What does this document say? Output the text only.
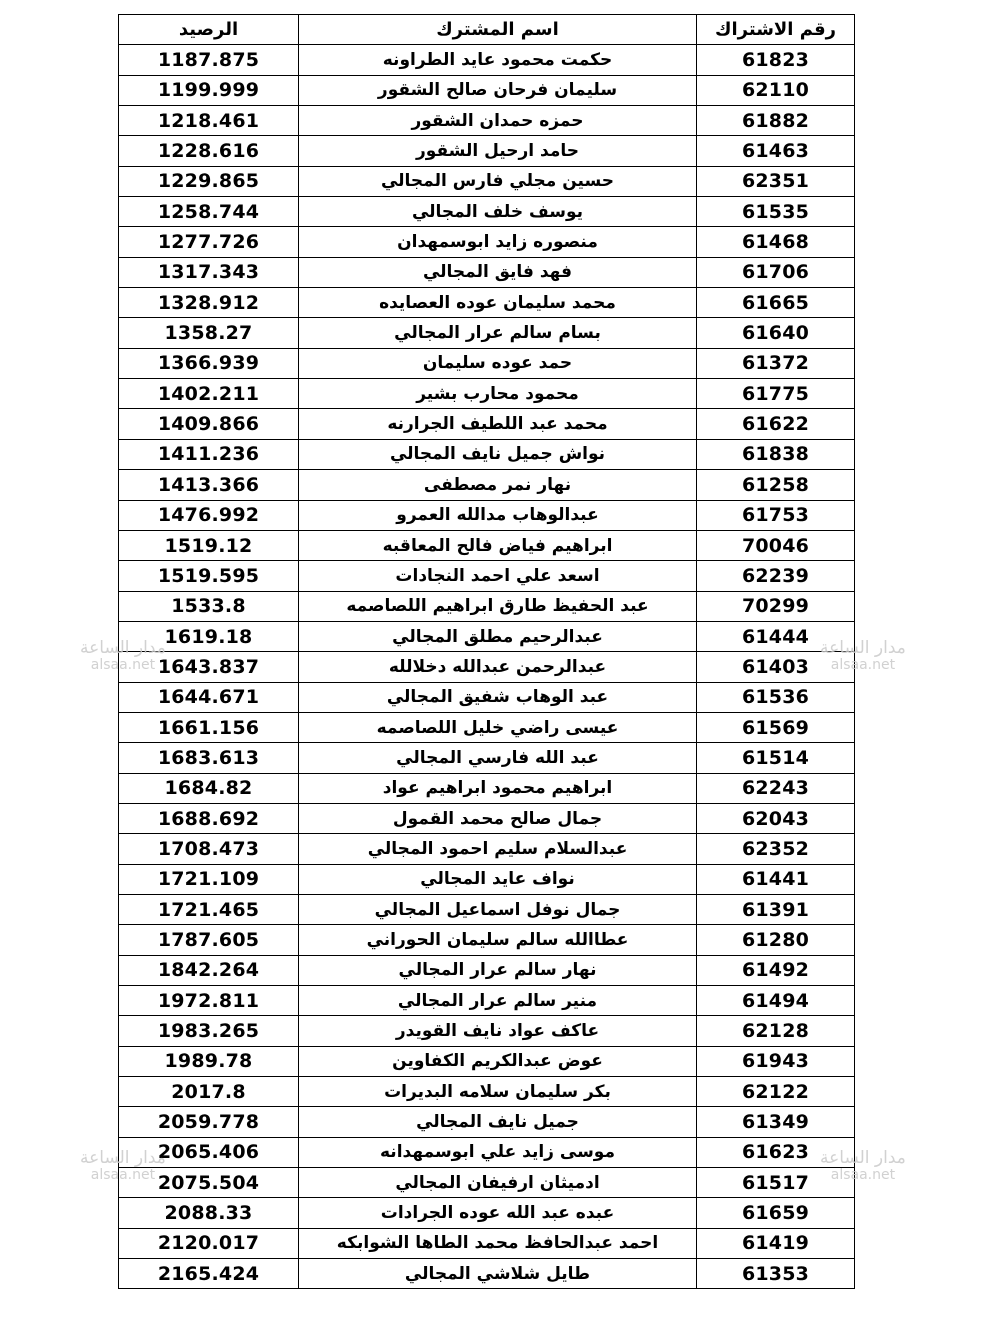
الرصيد	اسم المشترك	رقم الاشتراك
1187.875	حكمت محمود عايد الطراونه	61823
1199.999	سليمان فرحان صالح الشقور	62110
1218.461	حمزه حمدان الشقور	61882
1228.616	حامد ارحيل الشقور	61463
1229.865	حسين مجلي فارس المجالي	62351
1258.744	يوسف خلف المجالي	61535
1277.726	منصوره زايد ابوسمهدان	61468
1317.343	فهد فايق المجالي	61706
1328.912	محمد سليمان عوده العصايده	61665
1358.27	بسام سالم عرار المجالي	61640
1366.939	حمد عوده سليمان	61372
1402.211	محمود محارب بشير	61775
1409.866	محمد عبد اللطيف الجرارنه	61622
1411.236	نواش جميل نايف المجالي	61838
1413.366	نهار نمر مصطفى	61258
1476.992	عبدالوهاب مدالله العمرو	61753
1519.12	ابراهيم فياض فالح المعاقبه	70046
1519.595	اسعد علي احمد النجادات	62239
1533.8	عبد الحفيظ طارق ابراهيم اللصاصمه	70299
1619.18	عبدالرحيم مطلق المجالي	61444
1643.837	عبدالرحمن عبدالله دخلالله	61403
1644.671	عبد الوهاب شفيق المجالي	61536
1661.156	عيسى راضي خليل اللصاصمه	61569
1683.613	عبد الله فارسي المجالي	61514
1684.82	ابراهيم محمود ابراهيم عواد	62243
1688.692	جمال صالح محمد القمول	62043
1708.473	عبدالسلام سليم احمود المجالي	62352
1721.109	نواف عايد المجالي	61441
1721.465	جمال نوفل اسماعيل المجالي	61391
1787.605	عطاالله سالم سليمان الحوراني	61280
1842.264	نهار سالم عرار المجالي	61492
1972.811	منير سالم عرار المجالي	61494
1983.265	عاكف عواد نايف القويدر	62128
1989.78	عوض عبدالكريم الكفاوين	61943
2017.8	بكر سليمان سلامه البديرات	62122
2059.778	جميل نايف المجالي	61349
2065.406	موسى زايد علي ابوسمهدانه	61623
2075.504	ادميثان ارفيفان المجالي	61517
2088.33	عبده عبد الله عوده الجرادات	61659
2120.017	احمد عبدالحافظ محمد الطاها الشوابكه	61419
2165.424	طايل شلاشي المجالي	61353
مدار الساعة
alsaa.net
مدار الساعة
alsaa.net
مدار الساعة
alsaa.net
مدار الساعة
alsaa.net
